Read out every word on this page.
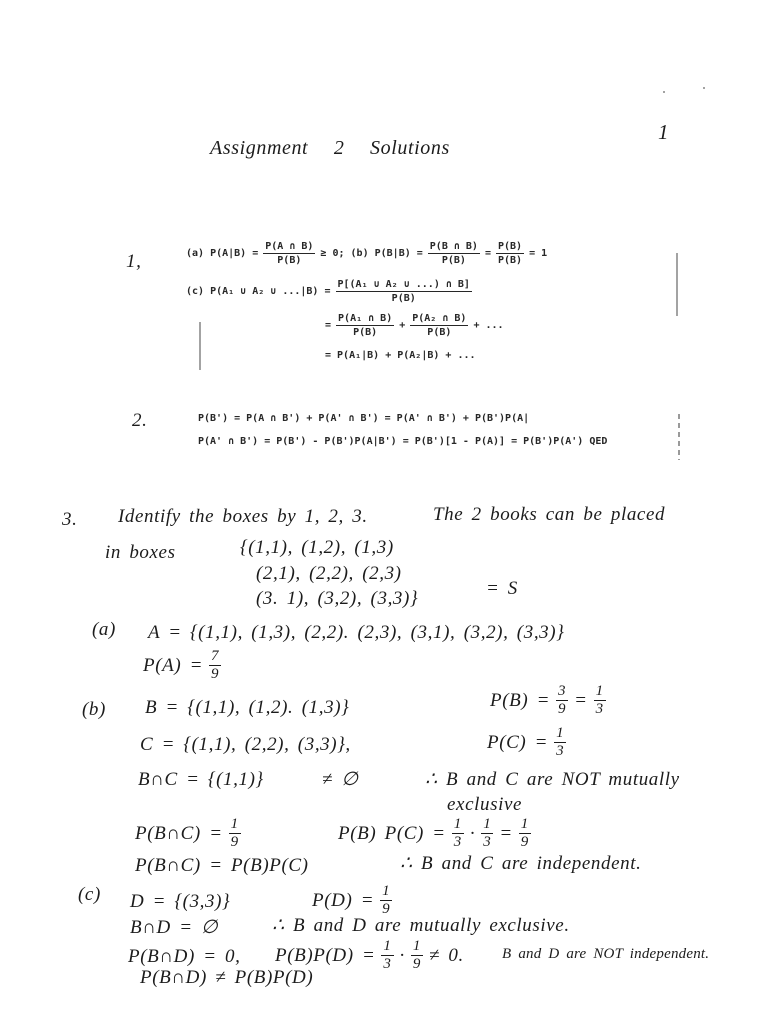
1
Assignment 2 Solutions
1,	(a) $P(A|B) = \frac{P(A \cap B)}{P(B)} \ge 0$; (b) $P(B|B) = \frac{P(B \cap B)}{P(B)} = \frac{P(B)}{P(B)} = 1$
(c) P(A₁ ∪ A₂ ∪ $...|B) = \frac{\text{P[(A₁ ∪ A₂ ∪ ...) ∩ B]}}{P(B)}$
= $\frac{\text{P(A₁ ∩ B)}}{P(B)} + \frac{\text{P(A₂ ∩ B)}}{P(B)}$ + ...
= P(A₁|B) + P(A₂|B) + ...
2.	P(B') = P(A ∩ B') + P(A' ∩ B') = P(A' ∩ B') + P(B')P(A|
P(A' ∩ B') = P(B') - P(B')P(A|B') = P(B')[1 - P(A)] = P(B')P(A') QED
3. Identify the boxes by 1, 2, 3.	The 2 books can be placed
in boxes	{(1,1), (1,2), (1,3)
(2,1), (2,2), (2,3)
(3. 1), (3,2), (3,3)}	= S
(a) A = {(1,1), (1,3), (2,2). (2,3), (3,1), (3,2), (3,3)}
$P(A) = \frac{7}{9}$
(b) B = {(1,1), (1,2). (1,3)}	$P(B) = \frac{3}{9} = \frac{1}{3}$
C = {(1,1), (2,2), (3,3)},	$P(C) = \frac{1}{3}$
B∩C = {(1,1)}	≠ ∅	∴ B and C are NOT mutually
exclusive
P(B∩C) = $\frac{1}{9}$	P(B) $P(C) = \frac{1}{3} \cdot \frac{1}{3} = \frac{1}{9}$
P(B∩C) = P(B)P(C)	∴ B and C are independent.
(c) D = {(3,3)}	$P(D) = \frac{1}{9}$
B∩D = ∅	∴ B and D are mutually exclusive.
P(B∩D) = 0, $P(B)P(D) = \frac{1}{3} \cdot \frac{1}{9} \ne 0$.	B and D are NOT independent.
P(B∩D) ≠ P(B)P(D)
